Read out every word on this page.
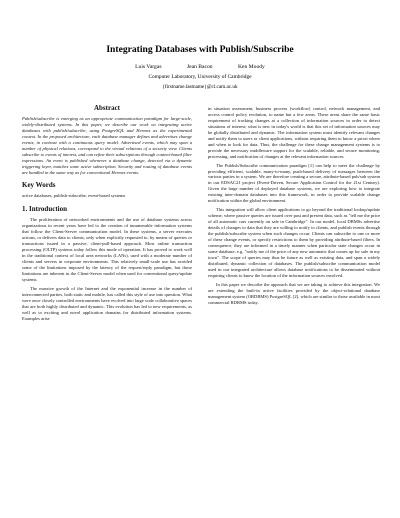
Integrating Databases with Publish/Subscribe
Luis Vargas	Jean Bacon	Ken Moody
Computer Laboratory, University of Cambridge
{firstname.lastname}@cl.cam.ac.uk
Abstract

Publish/subscribe is emerging as an appropriate communication paradigm for large-scale, widely-distributed systems. In this paper, we describe our work on integrating active databases with publish/subscribe, using PostgreSQL and Hermes as the experimental context. In the proposed architecture, each database manager defines and advertises change events, in contrast with a continuous query model. Advertised events, which may span a number of physical relations, correspond to the virtual relations of a security view. Clients subscribe to events of interest, and can refine their subscriptions through content-based filter expressions. An event is published whenever a database change, detected via a dynamic triggering layer, matches some active subscription. Security and routing of database events are handled in the same way as for conventional Hermes events.

Key Words

active databases, publish-subscribe, event-based systems

1. Introduction

The proliferation of networked environments and the use of database systems across organizations in recent years have led to the creation of innumerable information systems that follow the Client-Server communication model. In these systems, a server executes actions, or delivers data to clients, only when explicitly requested to, by means of queries or transactions issued in a passive, client-pull-based approach. Most online transaction processing (OLTP) systems today follow this mode of operation. It has proved to work well in the traditional context of local area networks (LANs), used with a moderate number of clients and servers in corporate environments. This relatively small-scale use has avoided some of the limitations imposed by the latency of the request/reply paradigm, but those limitations are inherent in the Client-Server model when used for conventional query/update systems.

The massive growth of the Internet and the exponential increase in the number of interconnected parties, both static and mobile, has called this style of use into question. What were once closely controlled environments have evolved into large scale collaborative spaces that are both highly distributed and dynamic. This evolution has led to new requirements, as well as to exciting and novel application domains for distributed information systems. Examples arise

in situation assessment, business process (workflow) control, network management, and access control policy evolution, to name but a few areas. These areas share the same basic requirement of tracking changes at a collection of information sources in order to detect situations of interest; what is new in today's world is that this set of information sources may be globally distributed and dynamic. The information system must identify relevant changes and notify them to users or client applications, without requiring them to know a priori where and when to look for data. Thus, the challenge for these change management systems is to provide the necessary middleware support for the scalable, reliable, and secure monitoring, processing, and notification of changes at the relevant information sources.

The Publish/Subscribe communication paradigm [1] can help to meet the challenge by providing efficient, scalable, many-to-many, push-based delivery of messages between the various parties in a system. We are therefore creating a secure, attribute-based pub/sub system in our EDSAC21 project (Event-Driven, Secure Application Control for the 21st Century). Given the large number of deployed database systems, we are exploring how to integrate existing inter-domain databases into this framework, in order to provide scalable change notification within the global environment.

This integration will allow client applications to go beyond the traditional lookup/update scheme, where passive queries are issued over past and present data, such as "tell me the price of all automatic cars currently on sale in Cambridge". In our model, local DBMSs advertise details of changes to data that they are willing to notify to clients, and publish events through the publish/subscribe system when such changes occur. Clients can subscribe to one or more of these change events, or specify restrictions to them by providing attribute-based filters. In consequence, they are informed in a timely manner when particular state changes occur in some database, e.g. "notify me of the price of any new automatic that comes up for sale in my town". The scope of queries may thus be future as well as existing data, and span a widely distributed, dynamic collection of databases. The publish/subscribe communication model used in our integrated architecture allows database notifications to be disseminated without requiring clients to know the location of the information sources involved.

In this paper we describe the approach that we are taking to achieve this integration. We are extending the built-in active facilities provided by the object-relational database management system (ORDBMS) PostgreSQL [2], which are similar to those available in most commercial RDBMS today.
